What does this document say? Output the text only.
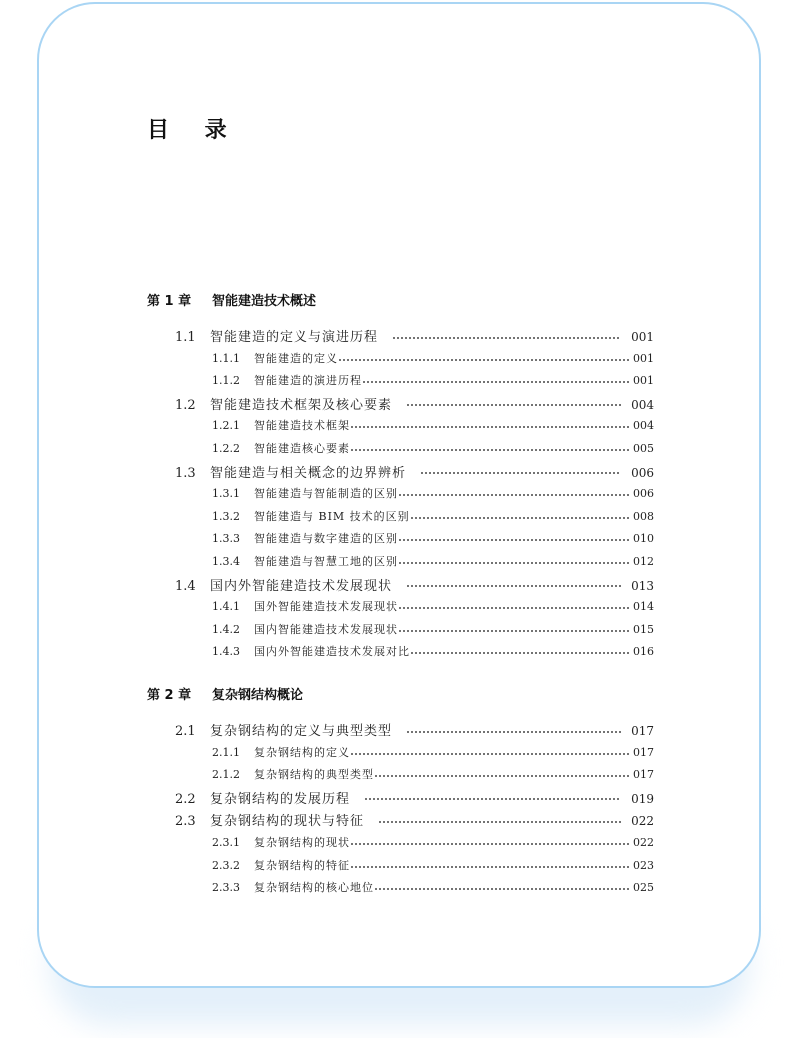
目 录
第 1 章	智能建造技术概述
1.1	智能建造的定义与演进历程	001
1.1.1	智能建造的定义	001
1.1.2	智能建造的演进历程	001
1.2	智能建造技术框架及核心要素	004
1.2.1	智能建造技术框架	004
1.2.2	智能建造核心要素	005
1.3	智能建造与相关概念的边界辨析	006
1.3.1	智能建造与智能制造的区别	006
1.3.2	智能建造与 BIM 技术的区别	008
1.3.3	智能建造与数字建造的区别	010
1.3.4	智能建造与智慧工地的区别	012
1.4	国内外智能建造技术发展现状	013
1.4.1	国外智能建造技术发展现状	014
1.4.2	国内智能建造技术发展现状	015
1.4.3	国内外智能建造技术发展对比	016
第 2 章	复杂钢结构概论
2.1	复杂钢结构的定义与典型类型	017
2.1.1	复杂钢结构的定义	017
2.1.2	复杂钢结构的典型类型	017
2.2	复杂钢结构的发展历程	019
2.3	复杂钢结构的现状与特征	022
2.3.1	复杂钢结构的现状	022
2.3.2	复杂钢结构的特征	023
2.3.3	复杂钢结构的核心地位	025
